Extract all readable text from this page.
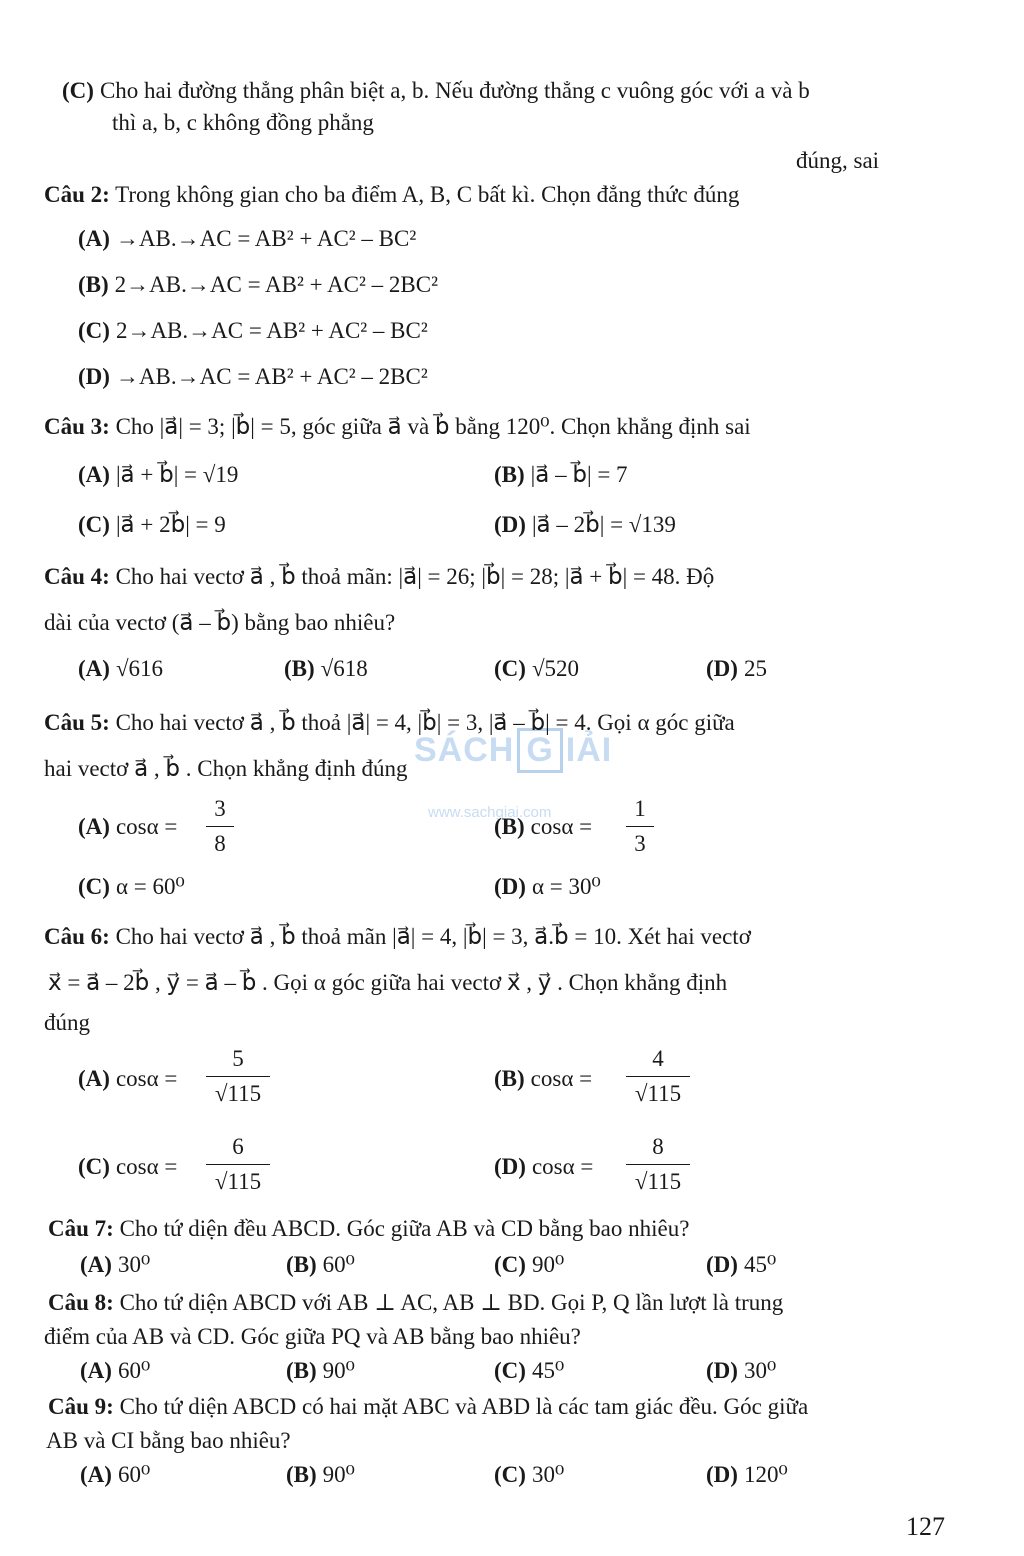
SÁCH G IẢI
www.sachgiai.com
(C) Cho hai đường thẳng phân biệt a, b. Nếu đường thẳng c vuông góc với a và b
thì a, b, c không đồng phẳng
đúng, sai
Câu 2: Trong không gian cho ba điểm A, B, C bất kì. Chọn đẳng thức đúng
(A) →AB.→AC = AB² + AC² – BC²
(B) 2→AB.→AC = AB² + AC² – 2BC²
(C) 2→AB.→AC = AB² + AC² – BC²
(D) →AB.→AC = AB² + AC² – 2BC²
Câu 3: Cho |a⃗| = 3; |b⃗| = 5, góc giữa a⃗ và b⃗ bằng 120⁰. Chọn khẳng định sai
(A) |a⃗ + b⃗| = √19	(B) |a⃗ – b⃗| = 7
(C) |a⃗ + 2b⃗| = 9	(D) |a⃗ – 2b⃗| = √139
Câu 4: Cho hai vectơ a⃗ , b⃗ thoả mãn: |a⃗| = 26; |b⃗| = 28; |a⃗ + b⃗| = 48. Độ
dài của vectơ (a⃗ – b⃗) bằng bao nhiêu?
(A) √616	(B) √618	(C) √520	(D) 25
Câu 5: Cho hai vectơ a⃗ , b⃗ thoả |a⃗| = 4, |b⃗| = 3, |a⃗ – b⃗| = 4. Gọi α góc giữa
hai vectơ a⃗ , b⃗ . Chọn khẳng định đúng
(A) cosα =
3
8
(B) cosα =
1
3
(C) α = 60⁰	(D) α = 30⁰
Câu 6: Cho hai vectơ a⃗ , b⃗ thoả mãn |a⃗| = 4, |b⃗| = 3, a⃗.b⃗ = 10. Xét hai vectơ
x⃗ = a⃗ – 2b⃗ , y⃗ = a⃗ – b⃗ . Gọi α góc giữa hai vectơ x⃗ , y⃗ . Chọn khẳng định
đúng
(A) cosα =
5
√115
(B) cosα =
4
√115
(C) cosα =
6
√115
(D) cosα =
8
√115
Câu 7: Cho tứ diện đều ABCD. Góc giữa AB và CD bằng bao nhiêu?
(A) 30⁰	(B) 60⁰	(C) 90⁰	(D) 45⁰
Câu 8: Cho tứ diện ABCD với AB ⊥ AC, AB ⊥ BD. Gọi P, Q lần lượt là trung
điểm của AB và CD. Góc giữa PQ và AB bằng bao nhiêu?
(A) 60⁰	(B) 90⁰	(C) 45⁰	(D) 30⁰
Câu 9: Cho tứ diện ABCD có hai mặt ABC và ABD là các tam giác đều. Góc giữa
AB và CI bằng bao nhiêu?
(A) 60⁰	(B) 90⁰	(C) 30⁰	(D) 120⁰
127
